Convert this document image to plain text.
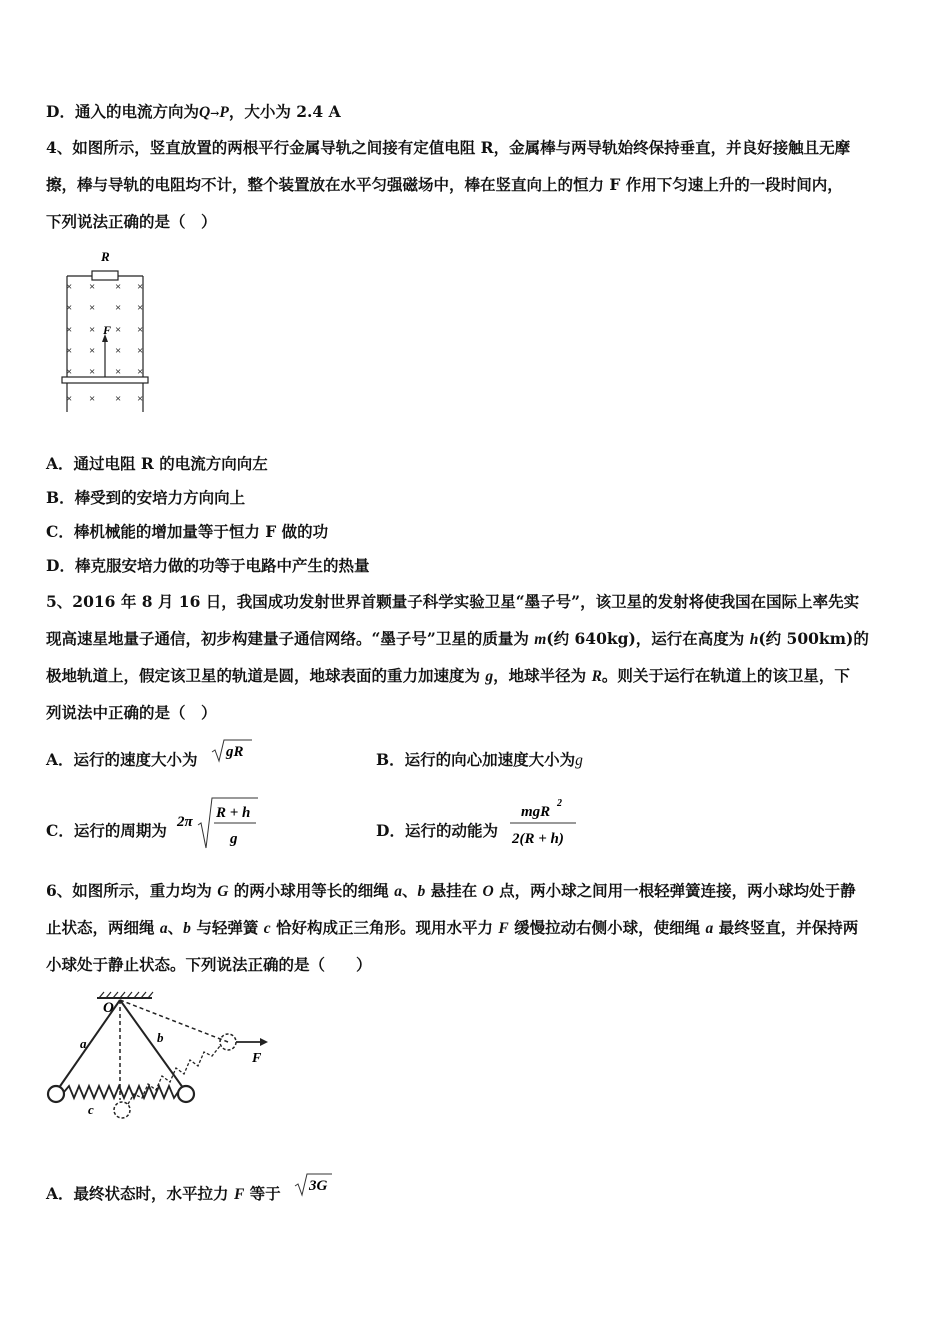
D．通入的电流方向为Q→P，大小为 2.4 A
4、如图所示，竖直放置的两根平行金属导轨之间接有定值电阻 R，金属棒与两导轨始终保持垂直，并良好接触且无摩
擦，棒与导轨的电阻均不计，整个装置放在水平匀强磁场中，棒在竖直向上的恒力 F 作用下匀速上升的一段时间内，
下列说法正确的是（　）
R
F
× × × ×
× × × ×
× × × ×
× × × ×
× × × ×
× × × ×
A．通过电阻 R 的电流方向向左
B．棒受到的安培力方向向上
C．棒机械能的增加量等于恒力 F 做的功
D．棒克服安培力做的功等于电路中产生的热量
5、2016 年 8 月 16 日，我国成功发射世界首颗量子科学实验卫星“墨子号”，该卫星的发射将使我国在国际上率先实
现高速星地量子通信，初步构建量子通信网络。“墨子号”卫星的质量为 m(约 640kg)，运行在高度为 h(约 500km)的
极地轨道上，假定该卫星的轨道是圆，地球表面的重力加速度为 g，地球半径为 R。则关于运行在轨道上的该卫星，下
列说法中正确的是（　）
A．运行的速度大小为 gR	B．运行的向心加速度大小为g
C．运行的周期为 2π
R + h
g	D．运行的动能为
mgR
2
2(R + h)
6、如图所示，重力均为 G 的两小球用等长的细绳 a、b 悬挂在 O 点，两小球之间用一根轻弹簧连接，两小球均处于静
止状态，两细绳 a、b 与轻弹簧 c 恰好构成正三角形。现用水平力 F 缓慢拉动右侧小球，使细绳 a 最终竖直，并保持两
小球处于静止状态。下列说法正确的是（　　）
O
a	b
c
F
A．最终状态时，水平拉力 F 等于 3G
